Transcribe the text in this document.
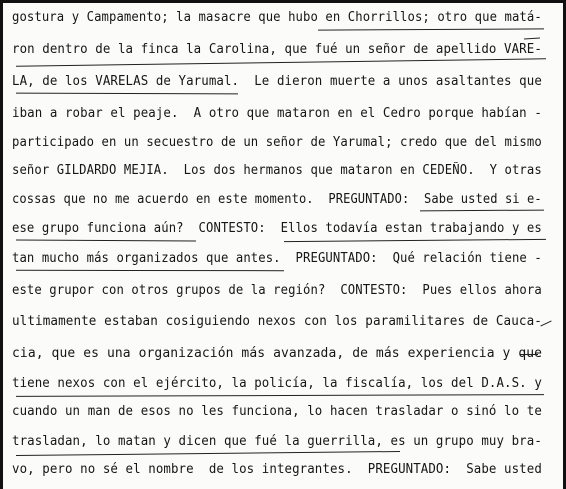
gostura y Campamento; la masacre que hubo en Chorrillos; otro que matá-
ron dentro de la finca la Carolina, que fué un señor de apellido VARE-
LA, de los VARELAS de Yarumal.  Le dieron muerte a unos asaltantes que
iban a robar el peaje.  A otro que mataron en el Cedro porque habían -
participado en un secuestro de un señor de Yarumal; credo que del mismo
señor GILDARDO MEJIA.  Los dos hermanos que mataron en CEDEÑO.  Y otras
cossas que no me acuerdo en este momento.  PREGUNTADO:  Sabe usted si e-
ese grupo funciona aún?  CONTESTO:  Ellos todavía estan trabajando y es
tan mucho más organizados que antes.  PREGUNTADO:  Qué relación tiene -
este grupor con otros grupos de la región?  CONTESTO:  Pues ellos ahora
ultimamente estaban cosiguiendo nexos con los paramilitares de Cauca-
cia, que es una organización más avanzada, de más experiencia y que
tiene nexos con el ejército, la policía, la fiscalía, los del D.A.S. y
cuando un man de esos no les funciona, lo hacen trasladar o sinó lo te
trasladan, lo matan y dicen que fué la guerrilla, es un grupo muy bra-
vo, pero no sé el nombre  de los integrantes.  PREGUNTADO:  Sabe usted
